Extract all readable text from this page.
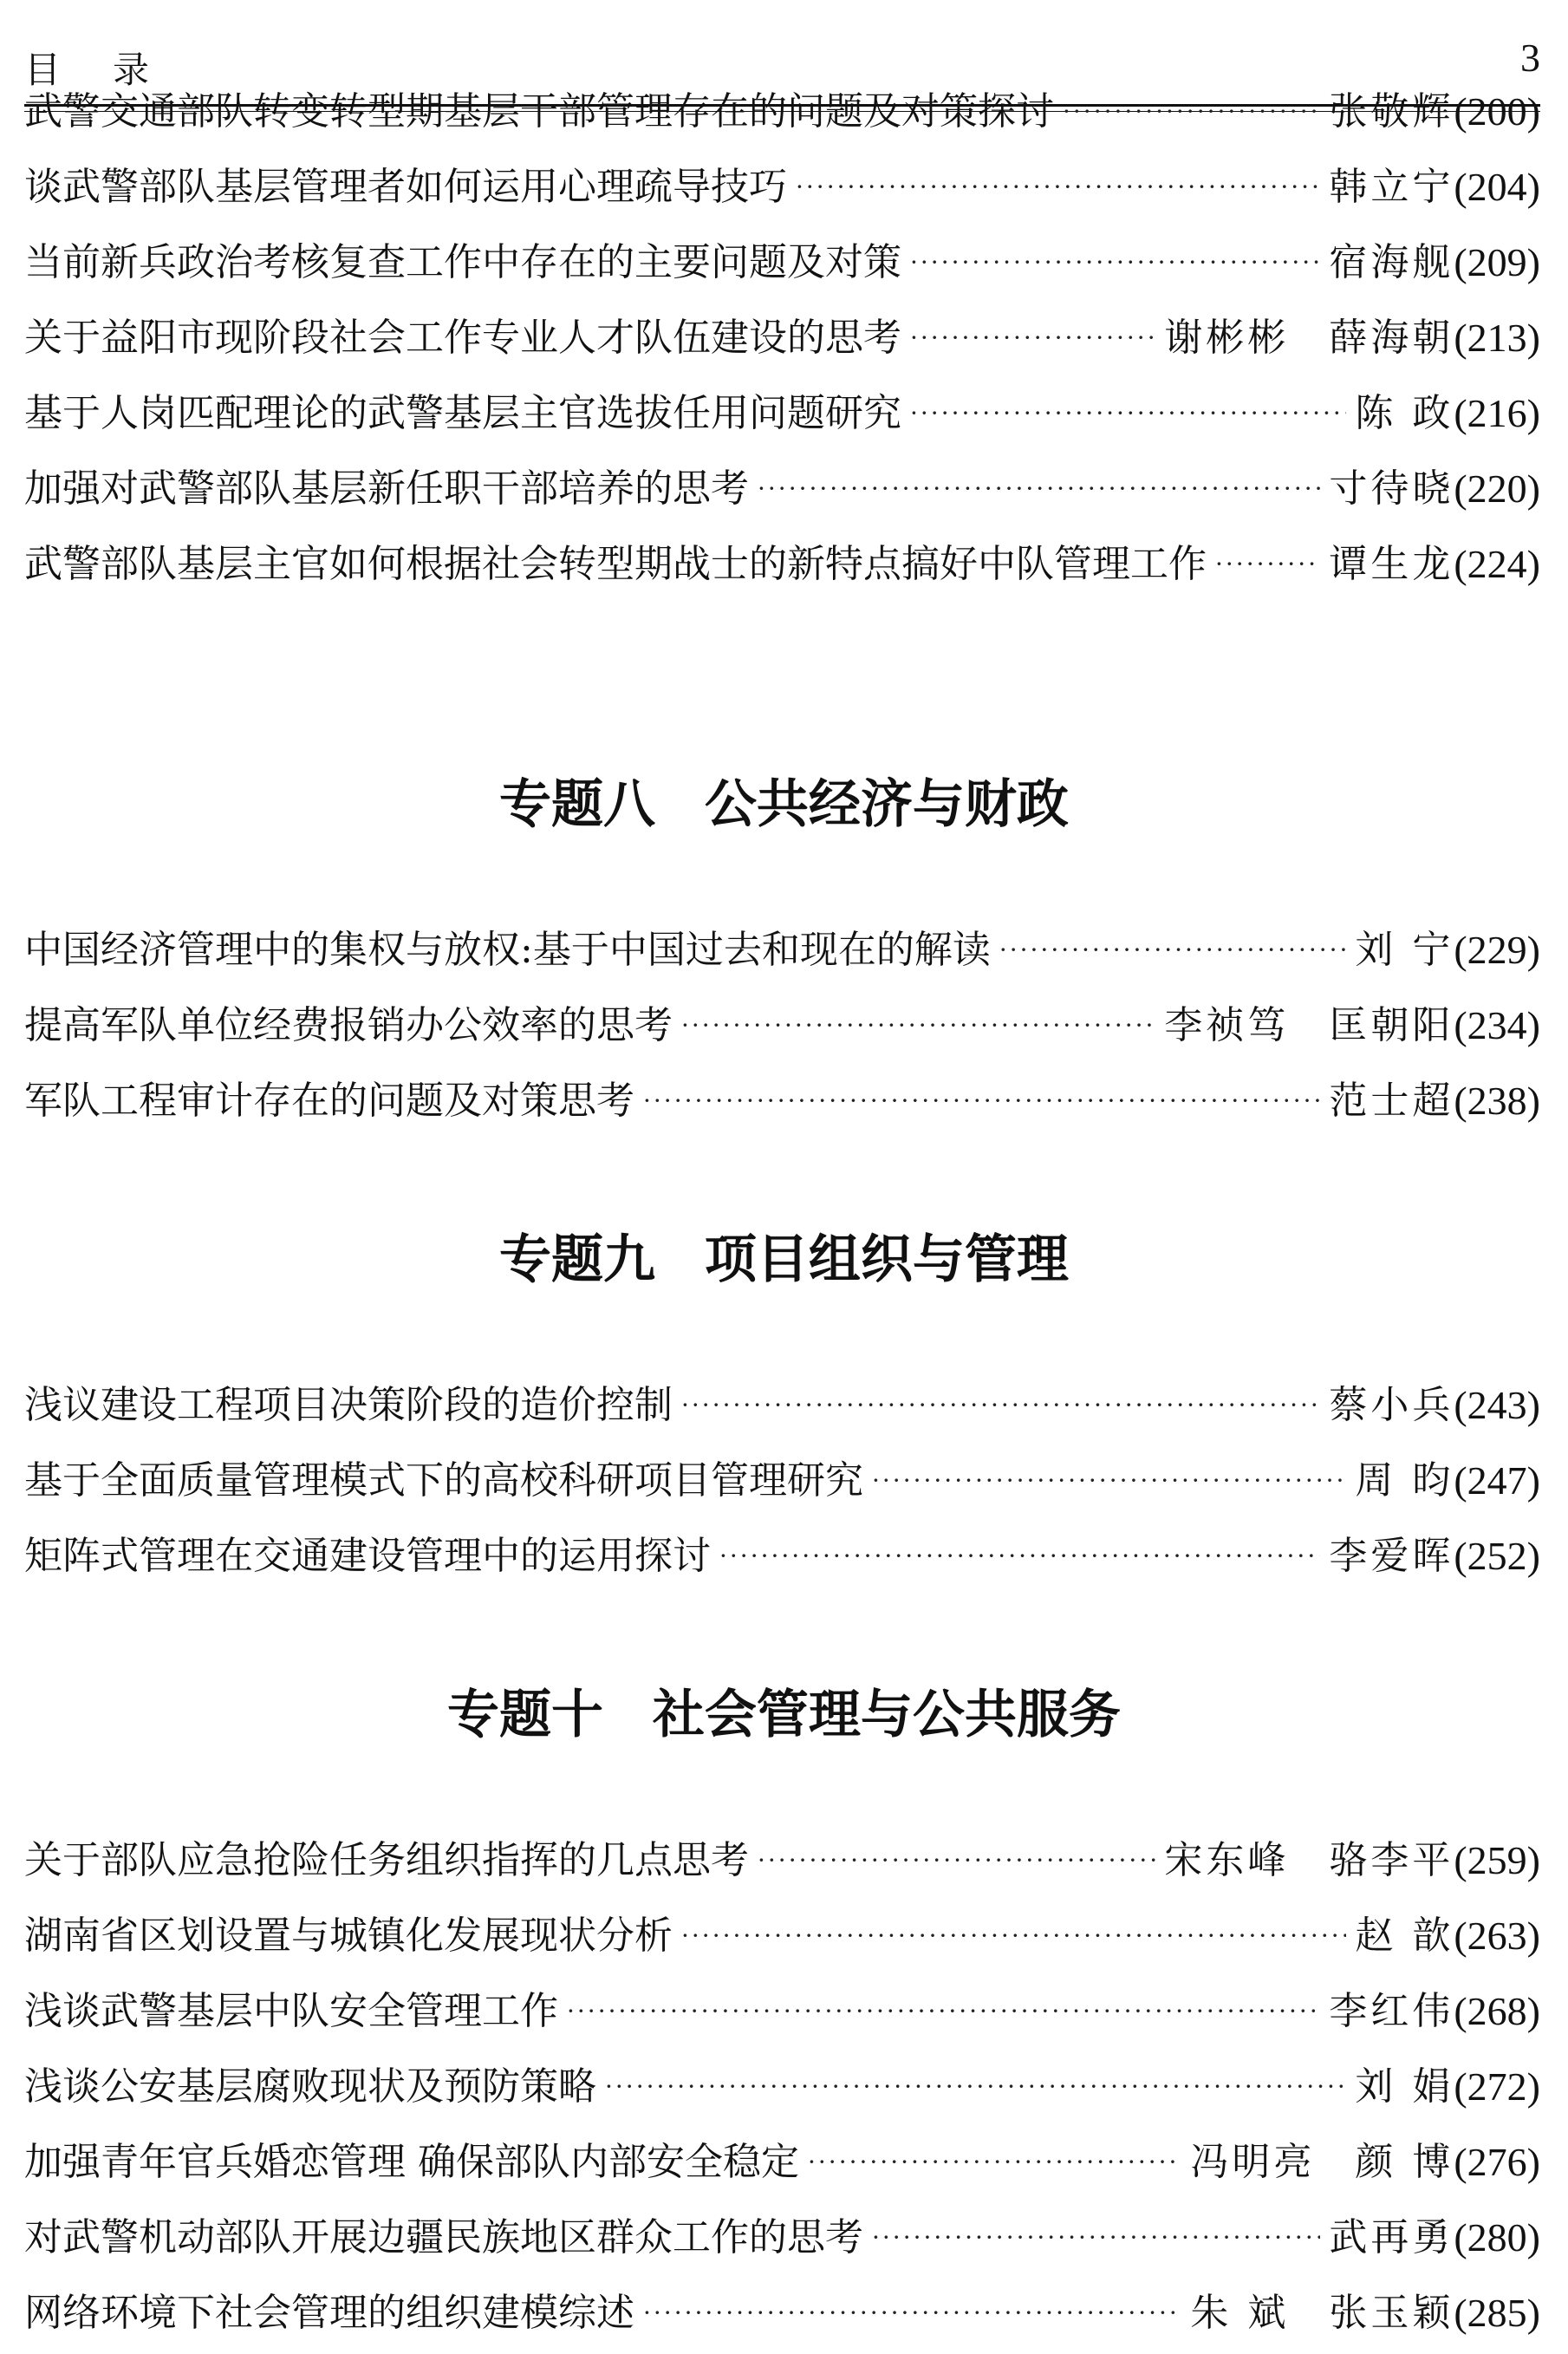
目录	3
武警交通部队转变转型期基层干部管理存在的问题及对策探讨 ·····	张敬辉 (200)
谈武警部队基层管理者如何运用心理疏导技巧 ·····	韩立宁 (204)
当前新兵政治考核复查工作中存在的主要问题及对策 ·····	宿海舰 (209)
关于益阳市现阶段社会工作专业人才队伍建设的思考 ·····	谢彬彬 薛海朝 (213)
基于人岗匹配理论的武警基层主官选拔任用问题研究 ·····	陈 政 (216)
加强对武警部队基层新任职干部培养的思考 ·····	寸待晓 (220)
武警部队基层主官如何根据社会转型期战士的新特点搞好中队管理工作 ·····	谭生龙 (224)
专题八 公共经济与财政
中国经济管理中的集权与放权:基于中国过去和现在的解读 ·····	刘 宁 (229)
提高军队单位经费报销办公效率的思考 ·····	李祯笃 匡朝阳 (234)
军队工程审计存在的问题及对策思考 ·····	范士超 (238)
专题九 项目组织与管理
浅议建设工程项目决策阶段的造价控制 ·····	蔡小兵 (243)
基于全面质量管理模式下的高校科研项目管理研究 ·····	周 昀 (247)
矩阵式管理在交通建设管理中的运用探讨 ·····	李爱晖 (252)
专题十 社会管理与公共服务
关于部队应急抢险任务组织指挥的几点思考 ·····	宋东峰 骆李平 (259)
湖南省区划设置与城镇化发展现状分析 ·····	赵 歆 (263)
浅谈武警基层中队安全管理工作 ·····	李红伟 (268)
浅谈公安基层腐败现状及预防策略 ·····	刘 娟 (272)
加强青年官兵婚恋管理 确保部队内部安全稳定 ·····	冯明亮 颜 博 (276)
对武警机动部队开展边疆民族地区群众工作的思考 ·····	武再勇 (280)
网络环境下社会管理的组织建模综述 ·····	朱 斌 张玉颖 (285)
